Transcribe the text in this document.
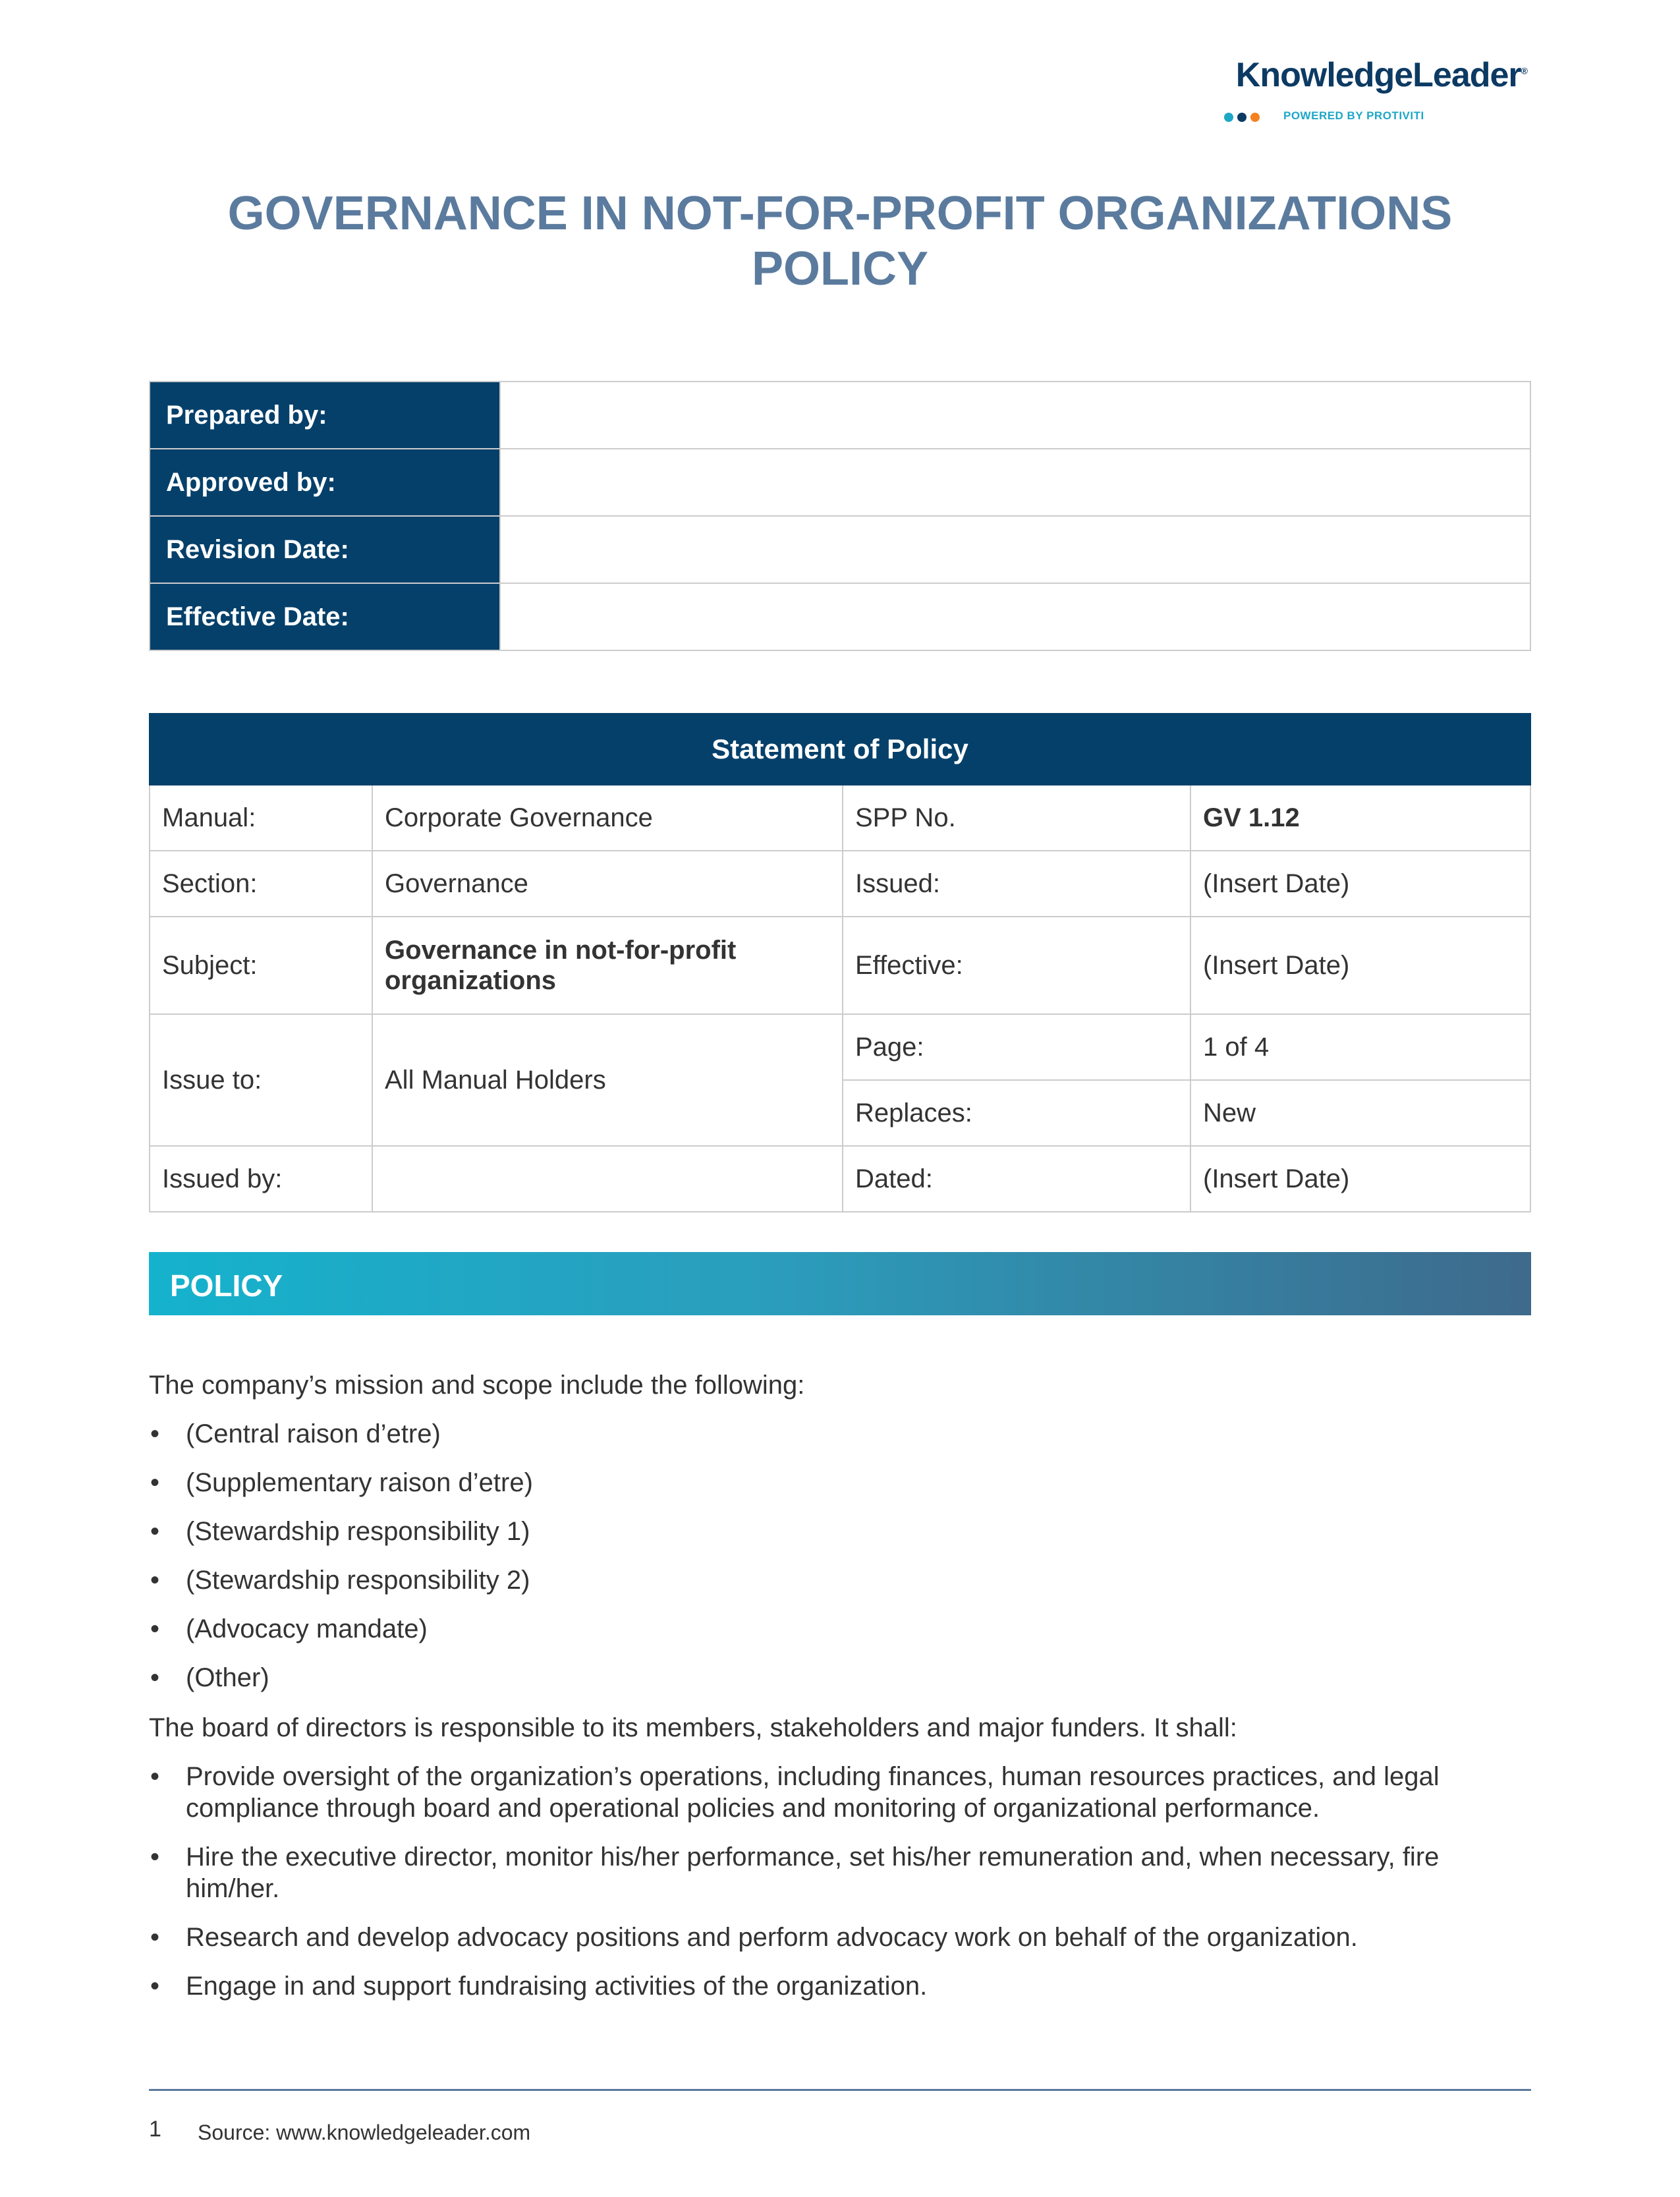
KnowledgeLeader®
POWERED BY PROTIVITI
GOVERNANCE IN NOT-FOR-PROFIT ORGANIZATIONS
POLICY
Prepared by:	
Approved by:	
Revision Date:	
Effective Date:	
Statement of Policy			
Manual:	Corporate Governance	SPP No.	GV 1.12
Section:	Governance	Issued:	(Insert Date)
Subject:	Governance in not-for-profit organizations	Effective:	(Insert Date)
Issue to:	All Manual Holders	Page:	1 of 4
		Replaces:	New
Issued by:		Dated:	(Insert Date)
POLICY
The company’s mission and scope include the following:
• (Central raison d’etre)
• (Supplementary raison d’etre)
• (Stewardship responsibility 1)
• (Stewardship responsibility 2)
• (Advocacy mandate)
• (Other)
The board of directors is responsible to its members, stakeholders and major funders. It shall:
• Provide oversight of the organization’s operations, including finances, human resources practices, and legal compliance through board and operational policies and monitoring of organizational performance.
• Hire the executive director, monitor his/her performance, set his/her remuneration and, when necessary, fire him/her.
• Research and develop advocacy positions and perform advocacy work on behalf of the organization.
• Engage in and support fundraising activities of the organization.
1 Source: www.knowledgeleader.com
